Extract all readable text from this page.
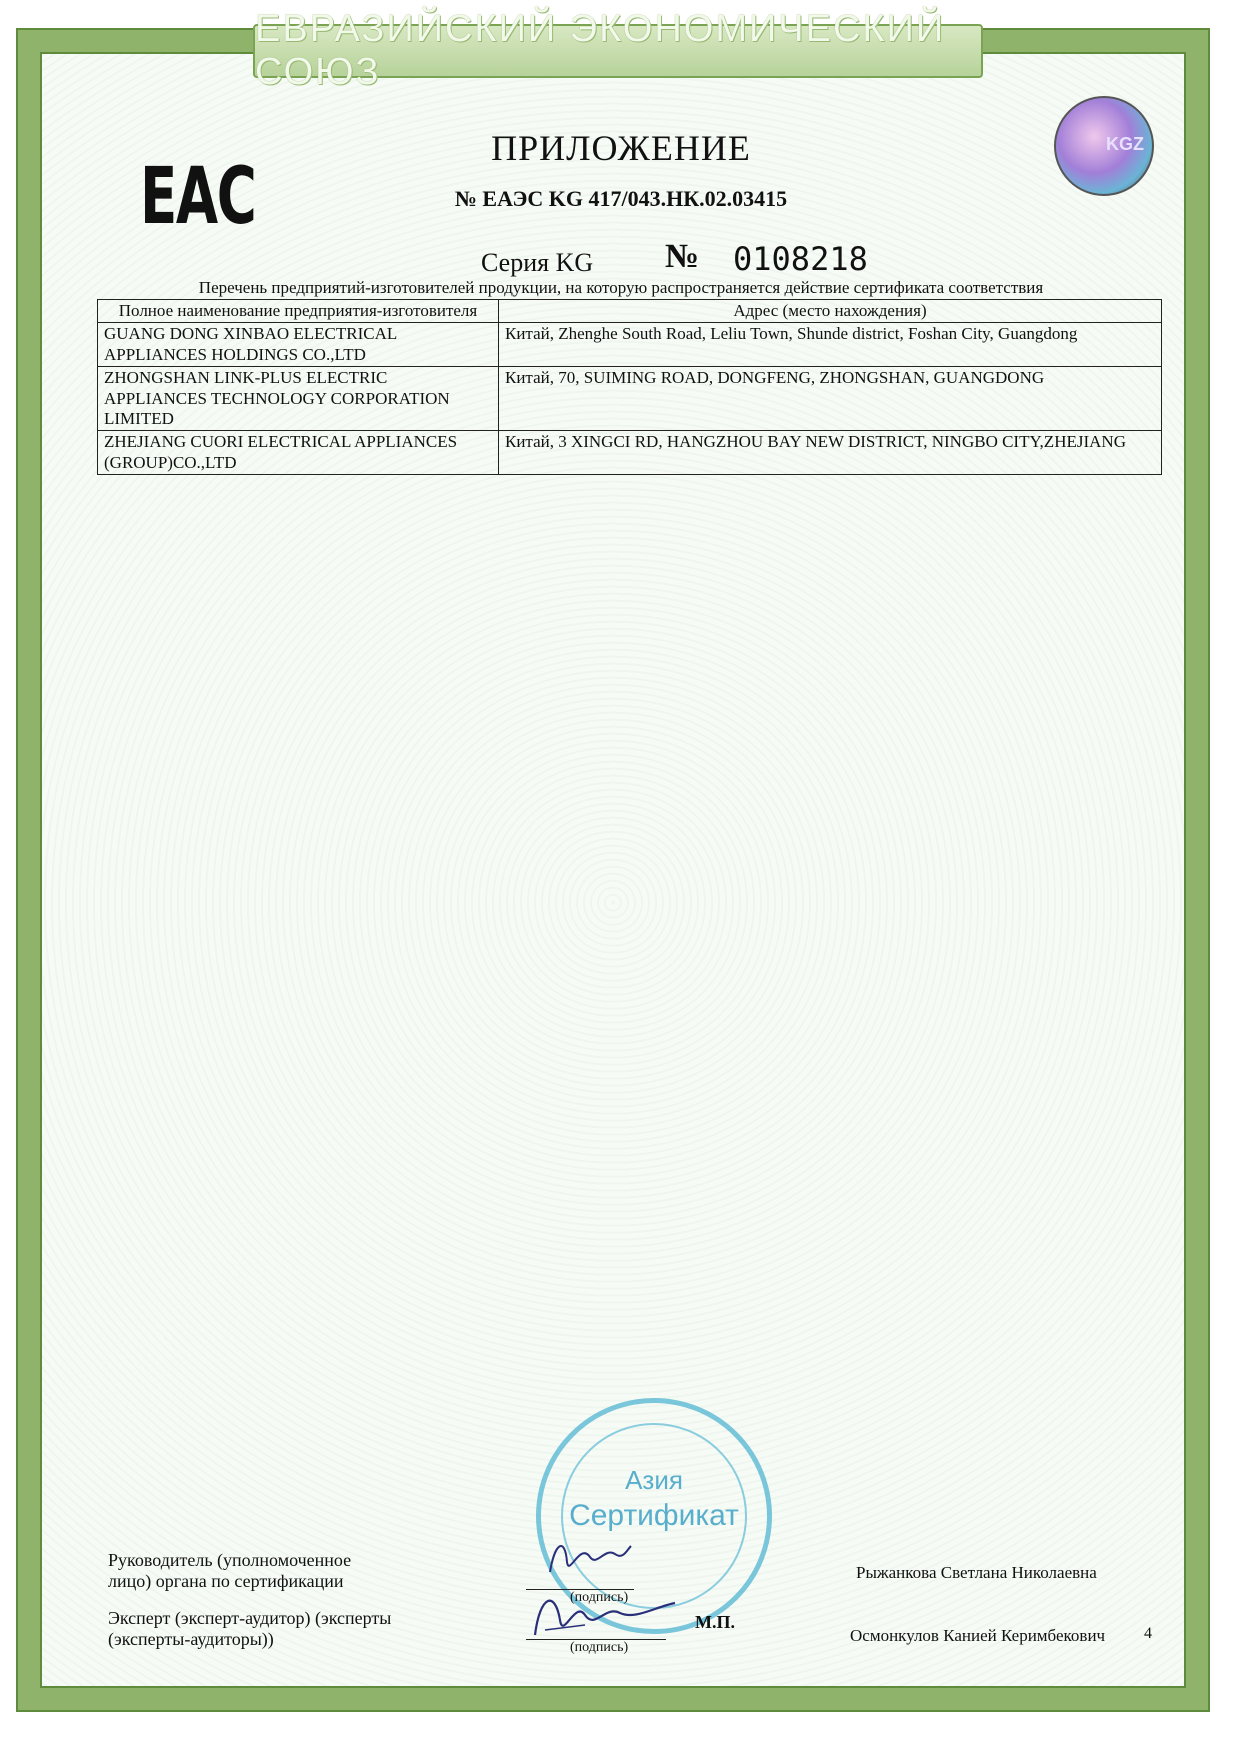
ЕВРАЗИЙСКИЙ ЭКОНОМИЧЕСКИЙ СОЮЗ
ЕАС
KGZ
ПРИЛОЖЕНИЕ
№ ЕАЭС KG 417/043.НК.02.03415
Серия KG № 0108218
Перечень предприятий-изготовителей продукции, на которую распространяется действие сертификата соответствия
Полное наименование предприятия-изготовителя	Адрес (место нахождения)
GUANG DONG XINBAO ELECTRICAL APPLIANCES HOLDINGS CO.,LTD	Китай, Zhenghe South Road, Leliu Town, Shunde district, Foshan City, Guangdong
ZHONGSHAN LINK-PLUS ELECTRIC APPLIANCES TECHNOLOGY CORPORATION LIMITED	Китай, 70, SUIMING ROAD, DONGFENG, ZHONGSHAN, GUANGDONG
ZHEJIANG CUORI ELECTRICAL APPLIANCES (GROUP)CO.,LTD	Китай, 3 XINGCI RD, HANGZHOU BAY NEW DISTRICT, NINGBO CITY,ZHEJIANG
Азия
Сертификат
(подпись)
(подпись)
Руководитель (уполномоченное лицо) органа по сертификации
Эксперт (эксперт-аудитор) (эксперты (эксперты-аудиторы))
М.П.
Рыжанкова Светлана Николаевна
Осмонкулов Канией Керимбекович 4
